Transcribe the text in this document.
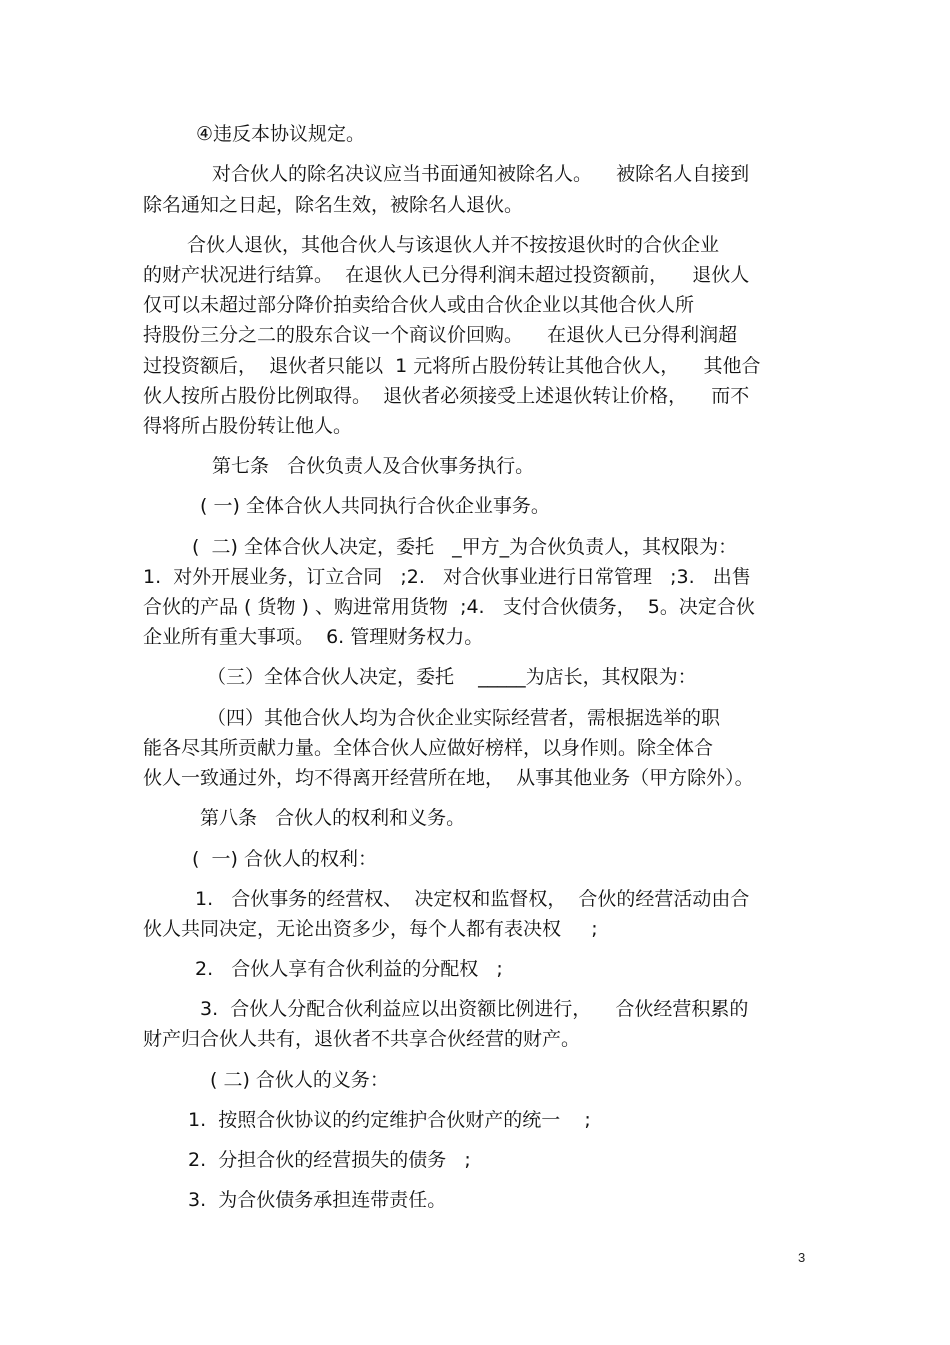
④违反本协议规定。
对合伙人的除名决议应当书面通知被除名人。    被除名人自接到
除名通知之日起，除名生效，被除名人退伙。
合伙人退伙，其他合伙人与该退伙人并不按按退伙时的合伙企业
的财产状况进行结算。  在退伙人已分得利润未超过投资额前，    退伙人
仅可以未超过部分降价拍卖给合伙人或由合伙企业以其他合伙人所
持股份三分之二的股东合议一个商议价回购。    在退伙人已分得利润超
过投资额后，  退伙者只能以  1 元将所占股份转让其他合伙人，    其他合
伙人按所占股份比例取得。  退伙者必须接受上述退伙转让价格，    而不
得将所占股份转让他人。
第七条   合伙负责人及合伙事务执行。
( 一) 全体合伙人共同执行合伙企业事务。
(  二) 全体合伙人决定，委托   _甲方_为合伙负责人，其权限为：
1.  对外开展业务，订立合同   ;2.   对合伙事业进行日常管理   ;3.   出售
合伙的产品 ( 货物 ) 、购进常用货物  ;4.   支付合伙债务，  5。决定合伙
企业所有重大事项。  6. 管理财务权力。
（三）全体合伙人决定，委托    _____为店长，其权限为：
（四）其他合伙人均为合伙企业实际经营者，需根据选举的职
能各尽其所贡献力量。全体合伙人应做好榜样，以身作则。除全体合
伙人一致通过外，均不得离开经营所在地，  从事其他业务（甲方除外）。
第八条   合伙人的权利和义务。
(  一) 合伙人的权利：
1.   合伙事务的经营权、  决定权和监督权，  合伙的经营活动由合
伙人共同决定，无论出资多少，每个人都有表决权     ;
2.   合伙人享有合伙利益的分配权   ;
3.  合伙人分配合伙利益应以出资额比例进行，    合伙经营积累的
财产归合伙人共有，退伙者不共享合伙经营的财产。
( 二) 合伙人的义务：
1.  按照合伙协议的约定维护合伙财产的统一    ;
2.  分担合伙的经营损失的债务   ;
3.  为合伙债务承担连带责任。
3
